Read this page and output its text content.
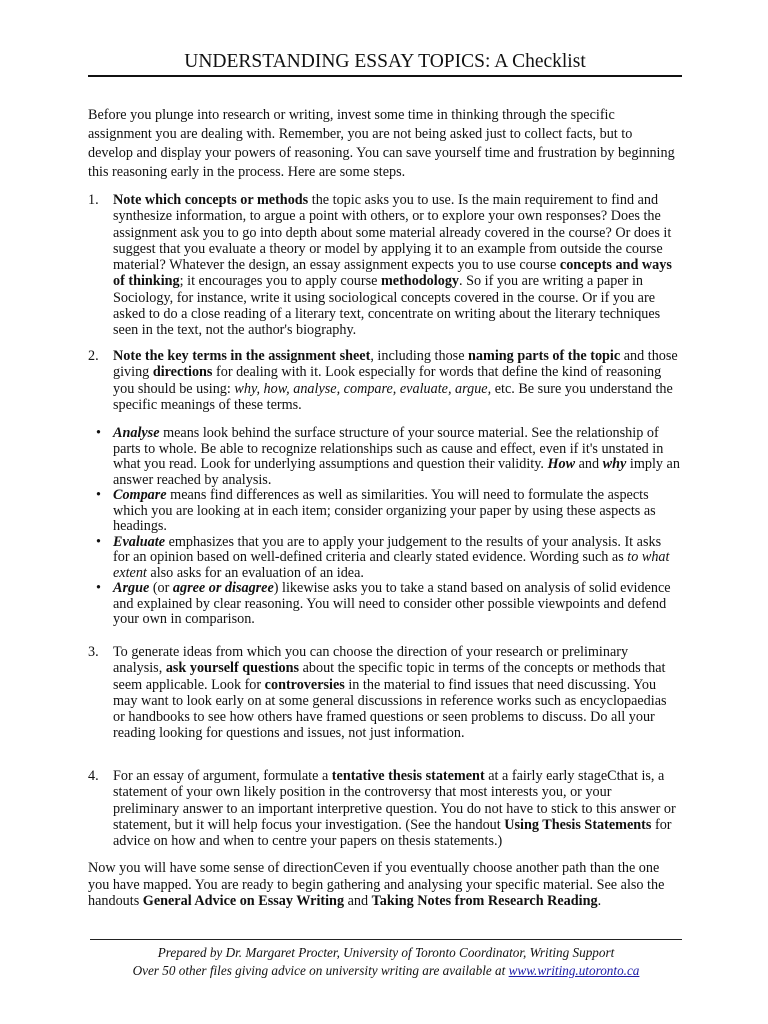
UNDERSTANDING ESSAY TOPICS: A Checklist

Before you plunge into research or writing, invest some time in thinking through the specific assignment you are dealing with. Remember, you are not being asked just to collect facts, but to develop and display your powers of reasoning. You can save yourself time and frustration by beginning this reasoning early in the process. Here are some steps.

1. Note which concepts or methods the topic asks you to use. Is the main requirement to find and synthesize information, to argue a point with others, or to explore your own responses? Does the assignment ask you to go into depth about some material already covered in the course? Or does it suggest that you evaluate a theory or model by applying it to an example from outside the course material? Whatever the design, an essay assignment expects you to use course concepts and ways of thinking; it encourages you to apply course methodology. So if you are writing a paper in Sociology, for instance, write it using sociological concepts covered in the course. Or if you are asked to do a close reading of a literary text, concentrate on writing about the literary techniques seen in the text, not the author's biography.
2. Note the key terms in the assignment sheet, including those naming parts of the topic and those giving directions for dealing with it. Look especially for words that define the kind of reasoning you should be using: why, how, analyse, compare, evaluate, argue, etc. Be sure you understand the specific meanings of these terms.
• Analyse means look behind the surface structure of your source material. See the relationship of parts to whole. Be able to recognize relationships such as cause and effect, even if it's unstated in what you read. Look for underlying assumptions and question their validity. How and why imply an answer reached by analysis.
• Compare means find differences as well as similarities. You will need to formulate the aspects which you are looking at in each item; consider organizing your paper by using these aspects as headings.
• Evaluate emphasizes that you are to apply your judgement to the results of your analysis. It asks for an opinion based on well-defined criteria and clearly stated evidence. Wording such as to what extent also asks for an evaluation of an idea.
• Argue (or agree or disagree) likewise asks you to take a stand based on analysis of solid evidence and explained by clear reasoning. You will need to consider other possible viewpoints and defend your own in comparison.
3. To generate ideas from which you can choose the direction of your research or preliminary analysis, ask yourself questions about the specific topic in terms of the concepts or methods that seem applicable. Look for controversies in the material to find issues that need discussing. You may want to look early on at some general discussions in reference works such as encyclopaedias or handbooks to see how others have framed questions or seen problems to discuss. Do all your reading looking for questions and issues, not just information.
4. For an essay of argument, formulate a tentative thesis statement at a fairly early stageCthat is, a statement of your own likely position in the controversy that most interests you, or your preliminary answer to an important interpretive question. You do not have to stick to this answer or statement, but it will help focus your investigation. (See the handout Using Thesis Statements for advice on how and when to centre your papers on thesis statements.)

Now you will have some sense of directionCeven if you eventually choose another path than the one you have mapped. You are ready to begin gathering and analysing your specific material. See also the handouts General Advice on Essay Writing and Taking Notes from Research Reading.

Prepared by Dr. Margaret Procter, University of Toronto Coordinator, Writing Support
Over 50 other files giving advice on university writing are available at www.writing.utoronto.ca
